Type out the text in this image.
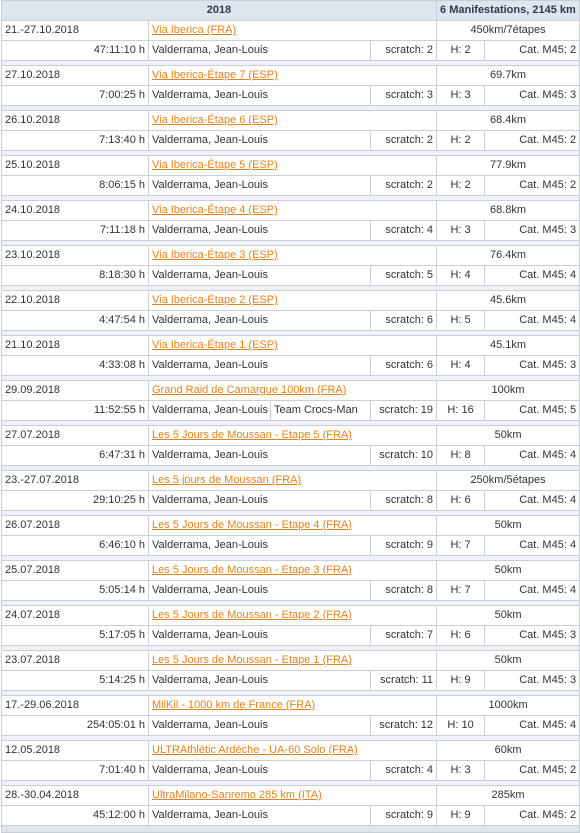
2018				6 Manifestations, 2145 km	
21.-27.10.2018	Via Iberica (FRA)			450km/7étapes	
47:11:10 h	Valderrama, Jean-Louis		scratch: 2	H: 2	Cat. M45: 2

27.10.2018	Via Iberica-Étape 7 (ESP)			69.7km	
7:00:25 h	Valderrama, Jean-Louis		scratch: 3	H: 3	Cat. M45: 3

26.10.2018	Via Iberica-Étape 6 (ESP)			68.4km	
7:13:40 h	Valderrama, Jean-Louis		scratch: 2	H: 2	Cat. M45: 2

25.10.2018	Via Iberica-Étape 5 (ESP)			77.9km	
8:06:15 h	Valderrama, Jean-Louis		scratch: 2	H: 2	Cat. M45: 2

24.10.2018	Via Iberica-Étape 4 (ESP)			68.8km	
7:11:18 h	Valderrama, Jean-Louis		scratch: 4	H: 3	Cat. M45: 3

23.10.2018	Via Iberica-Étape 3 (ESP)			76.4km	
8:18:30 h	Valderrama, Jean-Louis		scratch: 5	H: 4	Cat. M45: 4

22.10.2018	Via Iberica-Étape 2 (ESP)			45.6km	
4:47:54 h	Valderrama, Jean-Louis		scratch: 6	H: 5	Cat. M45: 4

21.10.2018	Via Iberica-Étape 1 (ESP)			45.1km	
4:33:08 h	Valderrama, Jean-Louis		scratch: 6	H: 4	Cat. M45: 3

29.09.2018	Grand Raid de Camargue 100km (FRA)			100km	
11:52:55 h	Valderrama, Jean-Louis	Team Crocs-Man	scratch: 19	H: 16	Cat. M45: 5

27.07.2018	Les 5 Jours de Moussan - Etape 5 (FRA)			50km	
6:47:31 h	Valderrama, Jean-Louis		scratch: 10	H: 8	Cat. M45: 4

23.-27.07.2018	Les 5 jours de Moussan (FRA)			250km/5étapes	
29:10:25 h	Valderrama, Jean-Louis		scratch: 8	H: 6	Cat. M45: 4

26.07.2018	Les 5 Jours de Moussan - Etape 4 (FRA)			50km	
6:46:10 h	Valderrama, Jean-Louis		scratch: 9	H: 7	Cat. M45: 4

25.07.2018	Les 5 Jours de Moussan - Etape 3 (FRA)			50km	
5:05:14 h	Valderrama, Jean-Louis		scratch: 8	H: 7	Cat. M45: 4

24.07.2018	Les 5 Jours de Moussan - Etape 2 (FRA)			50km	
5:17:05 h	Valderrama, Jean-Louis		scratch: 7	H: 6	Cat. M45: 3

23.07.2018	Les 5 Jours de Moussan - Etape 1 (FRA)			50km	
5:14:25 h	Valderrama, Jean-Louis		scratch: 11	H: 9	Cat. M45: 3

17.-29.06.2018	MilKil - 1000 km de France (FRA)			1000km	
254:05:01 h	Valderrama, Jean-Louis		scratch: 12	H: 10	Cat. M45: 4

12.05.2018	ULTRAthlétic Ardèche - UA-60 Solo (FRA)			60km	
7:01:40 h	Valderrama, Jean-Louis		scratch: 4	H: 3	Cat. M45: 2

28.-30.04.2018	UltraMilano-Sanremo 285 km (ITA)			285km	
45:12:00 h	Valderrama, Jean-Louis		scratch: 9	H: 9	Cat. M45: 2
